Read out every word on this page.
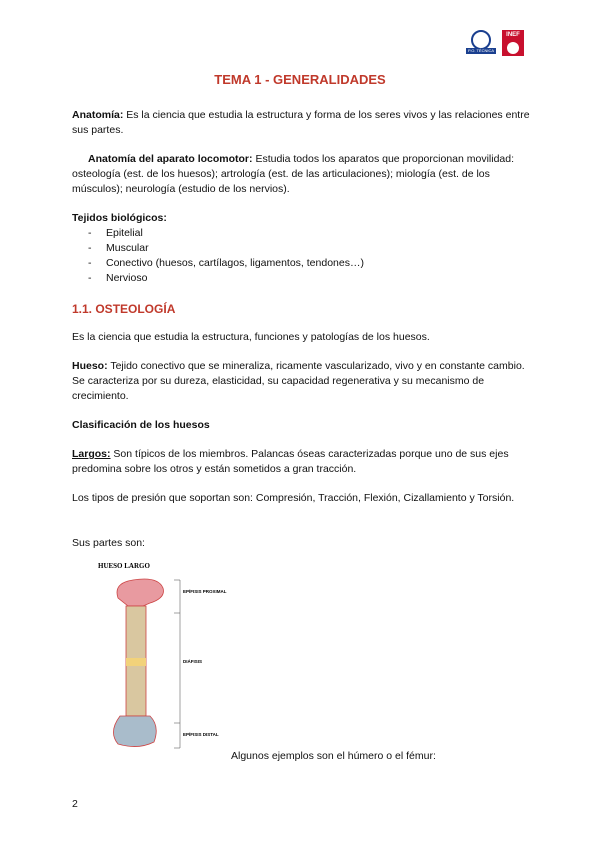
P.O. TÉCNICA
INEF
TEMA 1 - GENERALIDADES

Anatomía: Es la ciencia que estudia la estructura y forma de los seres vivos y las relaciones entre sus partes.

Anatomía del aparato locomotor: Estudia todos los aparatos que proporcionan movilidad: osteología (est. de los huesos); artrología (est. de las articulaciones); miología (est. de los músculos); neurología (estudio de los nervios).

Tejidos biológicos:

- Epitelial
- Muscular
- Conectivo (huesos, cartílagos, ligamentos, tendones…)
- Nervioso
1.1. OSTEOLOGÍA

Es la ciencia que estudia la estructura, funciones y patologías de los huesos.

Hueso: Tejido conectivo que se mineraliza, ricamente vascularizado, vivo y en constante cambio. Se caracteriza por su dureza, elasticidad, su capacidad regenerativa y su mecanismo de crecimiento.

Clasificación de los huesos

Largos: Son típicos de los miembros. Palancas óseas caracterizadas porque uno de sus ejes predomina sobre los otros y están sometidos a gran tracción.

Los tipos de presión que soportan son: Compresión, Tracción, Flexión, Cizallamiento y Torsión.

Sus partes son:

HUESO LARGO
EPÍFISIS PROXIMAL
DIÁFISIS
EPÍFISIS DISTAL
Algunos ejemplos son el húmero o el fémur:
2
